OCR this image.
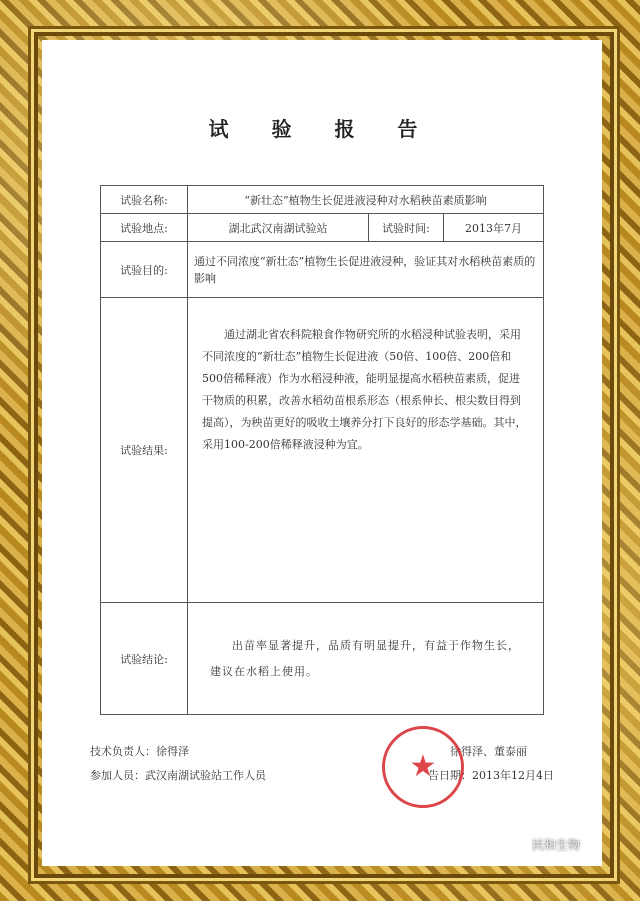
试 验 报 告
试验名称:	“新壮态”植物生长促进液浸种对水稻秧苗素质影响		
试验地点:	湖北武汉南湖试验站	试验时间:	2013年7月
试验目的:	通过不同浓度“新壮态”植物生长促进液浸种，验证其对水稻秧苗素质的影响		
试验结果:	通过湖北省农科院粮食作物研究所的水稻浸种试验表明，采用不同浓度的“新壮态”植物生长促进液（50倍、100倍、200倍和500倍稀释液）作为水稻浸种液，能明显提高水稻秧苗素质，促进干物质的积累，改善水稻幼苗根系形态（根系伸长、根尖数目得到提高），为秧苗更好的吸收土壤养分打下良好的形态学基础。其中，采用100-200倍稀释液浸种为宜。		
试验结论:	出苗率显著提升，品质有明显提升，有益于作物生长，建议在水稻上使用。		
技术负责人：徐得泽
参加人员：武汉南湖试验站工作人员
徐得泽、董泰丽
告日期：2013年12月4日
★
民和生物
